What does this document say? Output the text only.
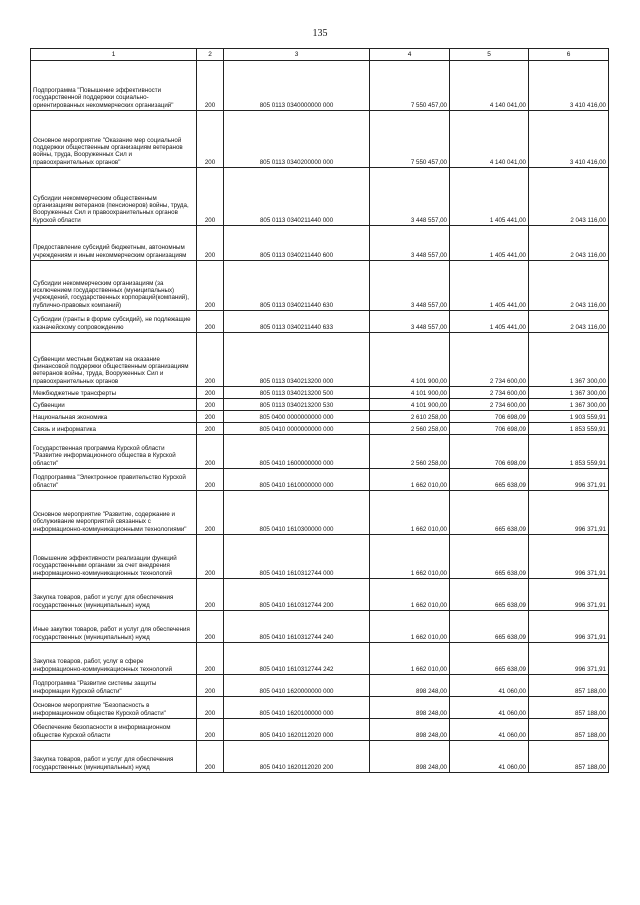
135
1	2	3	4	5	6
Подпрограмма "Повышение эффективности государственной поддержки социально-ориентированных некоммерческих организаций"	200	805 0113 0340000000 000	7 550 457,00	4 140 041,00	3 410 416,00
Основное мероприятие "Оказание мер социальной поддержки общественным организациям ветеранов войны, труда, Вооруженных Сил и правоохранительных органов"	200	805 0113 0340200000 000	7 550 457,00	4 140 041,00	3 410 416,00
Субсидии некоммерческим общественным организациям ветеранов (пенсионеров) войны, труда, Вооруженных Сил и правоохранительных органов Курской области	200	805 0113 0340211440 000	3 448 557,00	1 405 441,00	2 043 116,00
Предоставление субсидий бюджетным, автономным учреждениям и иным некоммерческим организациям	200	805 0113 0340211440 600	3 448 557,00	1 405 441,00	2 043 116,00
Субсидии некоммерческим организациям (за исключением государственных (муниципальных) учреждений, государственных корпораций(компаний), публично-правовых компаний)	200	805 0113 0340211440 630	3 448 557,00	1 405 441,00	2 043 116,00
Субсидии (гранты в форме субсидий), не подлежащие казначейскому сопровождению	200	805 0113 0340211440 633	3 448 557,00	1 405 441,00	2 043 116,00
Субвенции местным бюджетам на оказание финансовой поддержки общественным организациям ветеранов войны, труда, Вооруженных Сил и правоохранительных органов	200	805 0113 0340213200 000	4 101 900,00	2 734 600,00	1 367 300,00
Межбюджетные трансферты	200	805 0113 0340213200 500	4 101 900,00	2 734 600,00	1 367 300,00
Субвенции	200	805 0113 0340213200 530	4 101 900,00	2 734 600,00	1 367 300,00
Национальная экономика	200	805 0400 0000000000 000	2 610 258,00	706 698,09	1 903 559,91
Связь и информатика	200	805 0410 0000000000 000	2 560 258,00	706 698,09	1 853 559,91
Государственная программа Курской области "Развитие информационного общества в Курской области"	200	805 0410 1600000000 000	2 560 258,00	706 698,09	1 853 559,91
Подпрограмма "Электронное правительство Курской области"	200	805 0410 1610000000 000	1 662 010,00	665 638,09	996 371,91
Основное мероприятие "Развитие, содержание и обслуживание мероприятий связанных с информационно-коммуникационными технологиями"	200	805 0410 1610300000 000	1 662 010,00	665 638,09	996 371,91
Повышение эффективности реализации функций государственными органами за счет внедрения информационно-коммуникационных технологий	200	805 0410 1610312744 000	1 662 010,00	665 638,09	996 371,91
Закупка товаров, работ и услуг для обеспечения государственных (муниципальных) нужд	200	805 0410 1610312744 200	1 662 010,00	665 638,09	996 371,91
Иные закупки товаров, работ и услуг для обеспечения государственных (муниципальных) нужд	200	805 0410 1610312744 240	1 662 010,00	665 638,09	996 371,91
Закупка товаров, работ, услуг в сфере информационно-коммуникационных технологий	200	805 0410 1610312744 242	1 662 010,00	665 638,09	996 371,91
Подпрограмма "Развитие системы защиты информации Курской области"	200	805 0410 1620000000 000	898 248,00	41 060,00	857 188,00
Основное мероприятие "Безопасность в информационном обществе Курской области"	200	805 0410 1620100000 000	898 248,00	41 060,00	857 188,00
Обеспечение безопасности в информационном обществе Курской области	200	805 0410 1620112020 000	898 248,00	41 060,00	857 188,00
Закупка товаров, работ и услуг для обеспечения государственных (муниципальных) нужд	200	805 0410 1620112020 200	898 248,00	41 060,00	857 188,00
